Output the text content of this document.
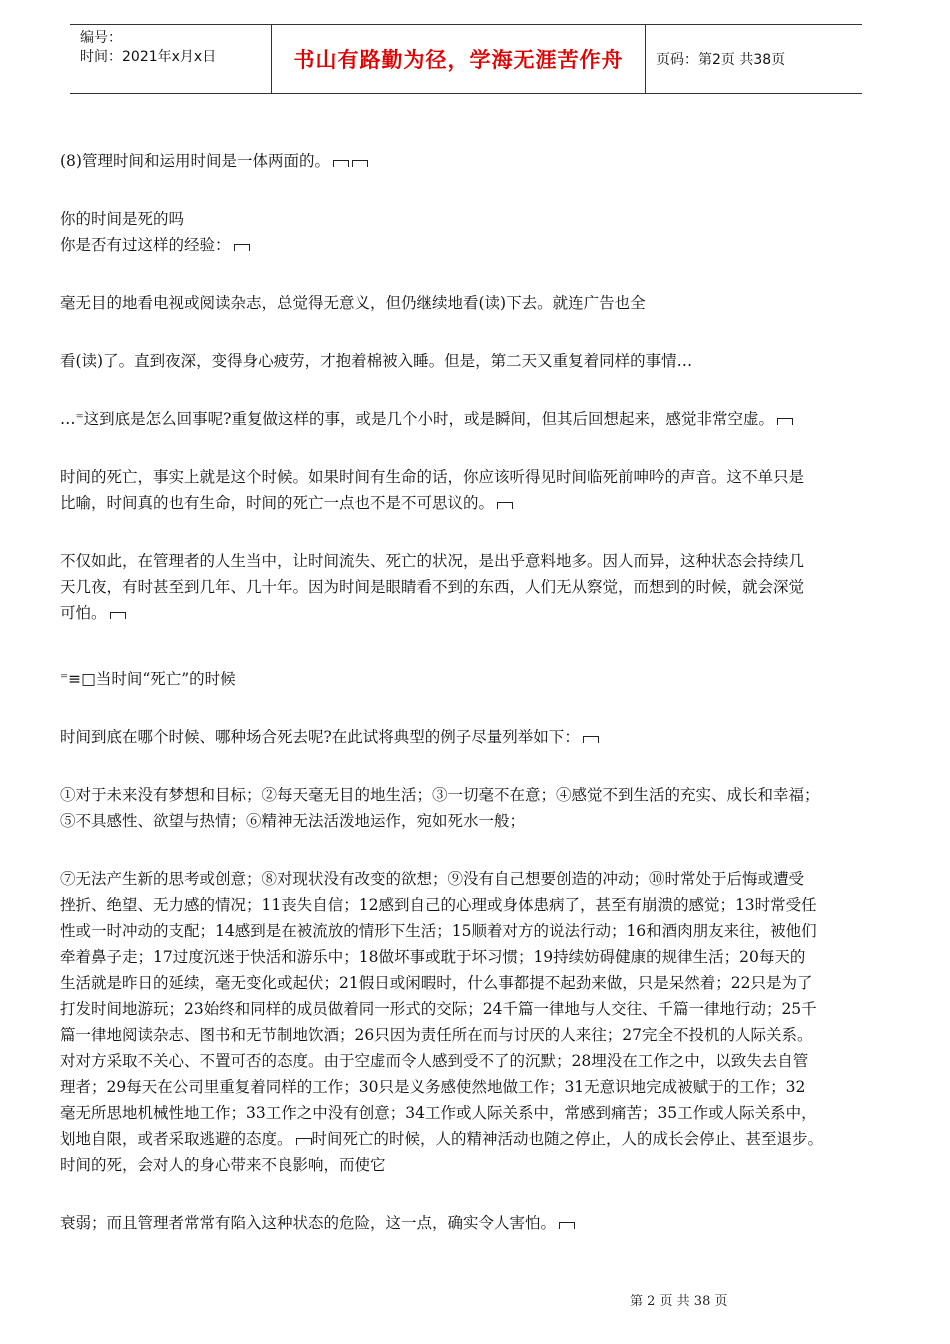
编号：
时间：2021年x月x日	书山有路勤为径，学海无涯苦作舟	页码：第2页 共38页

(8)管理时间和运用时间是一体两面的。

你的时间是死的吗

你是否有过这样的经验：

毫无目的地看电视或阅读杂志，总觉得无意义，但仍继续地看(读)下去。就连广告也全

看(读)了。直到夜深，变得身心疲劳，才抱着棉被入睡。但是，第二天又重复着同样的事情…

…⁼这到底是怎么回事呢?重复做这样的事，或是几个小时，或是瞬间，但其后回想起来，感觉非常空虚。

时间的死亡，事实上就是这个时候。如果时间有生命的话，你应该听得见时间临死前呻吟的声音。这不单只是

比喻，时间真的也有生命，时间的死亡一点也不是不可思议的。

不仅如此，在管理者的人生当中，让时间流失、死亡的状况，是出乎意料地多。因人而异，这种状态会持续几

天几夜，有时甚至到几年、几十年。因为时间是眼睛看不到的东西，人们无从察觉，而想到的时候，就会深觉

可怕。

⁼≡□当时间“死亡”的时候

时间到底在哪个时候、哪种场合死去呢?在此试将典型的例子尽量列举如下：

①对于未来没有梦想和目标；②每天毫无目的地生活；③一切毫不在意；④感觉不到生活的充实、成长和幸福；

⑤不具感性、欲望与热情；⑥精神无法活泼地运作，宛如死水一般；

⑦无法产生新的思考或创意；⑧对现状没有改变的欲想；⑨没有自己想要创造的冲动；⑩时常处于后悔或遭受

挫折、绝望、无力感的情况；11丧失自信；12感到自己的心理或身体患病了，甚至有崩溃的感觉；13时常受任

性或一时冲动的支配；14感到是在被流放的情形下生活；15顺着对方的说法行动；16和酒肉朋友来往，被他们

牵着鼻子走；17过度沉迷于快活和游乐中；18做坏事或耽于坏习惯；19持续妨碍健康的规律生活；20每天的

生活就是昨日的延续，毫无变化或起伏；21假日或闲暇时，什么事都提不起劲来做，只是呆然着；22只是为了

打发时间地游玩；23始终和同样的成员做着同一形式的交际；24千篇一律地与人交往、千篇一律地行动；25千

篇一律地阅读杂志、图书和无节制地饮酒；26只因为责任所在而与讨厌的人来往；27完全不投机的人际关系。

对对方采取不关心、不置可否的态度。由于空虚而令人感到受不了的沉默；28埋没在工作之中，以致失去自管

理者；29每天在公司里重复着同样的工作；30只是义务感使然地做工作；31无意识地完成被赋于的工作；32

毫无所思地机械性地工作；33工作之中没有创意；34工作或人际关系中，常感到痛苦；35工作或人际关系中，

划地自限，或者采取逃避的态度。 时间死亡的时候，人的精神活动也随之停止，人的成长会停止、甚至退步。

时间的死，会对人的身心带来不良影响，而使它

衰弱；而且管理者常常有陷入这种状态的危险，这一点，确实令人害怕。

第 2 页 共 38 页
